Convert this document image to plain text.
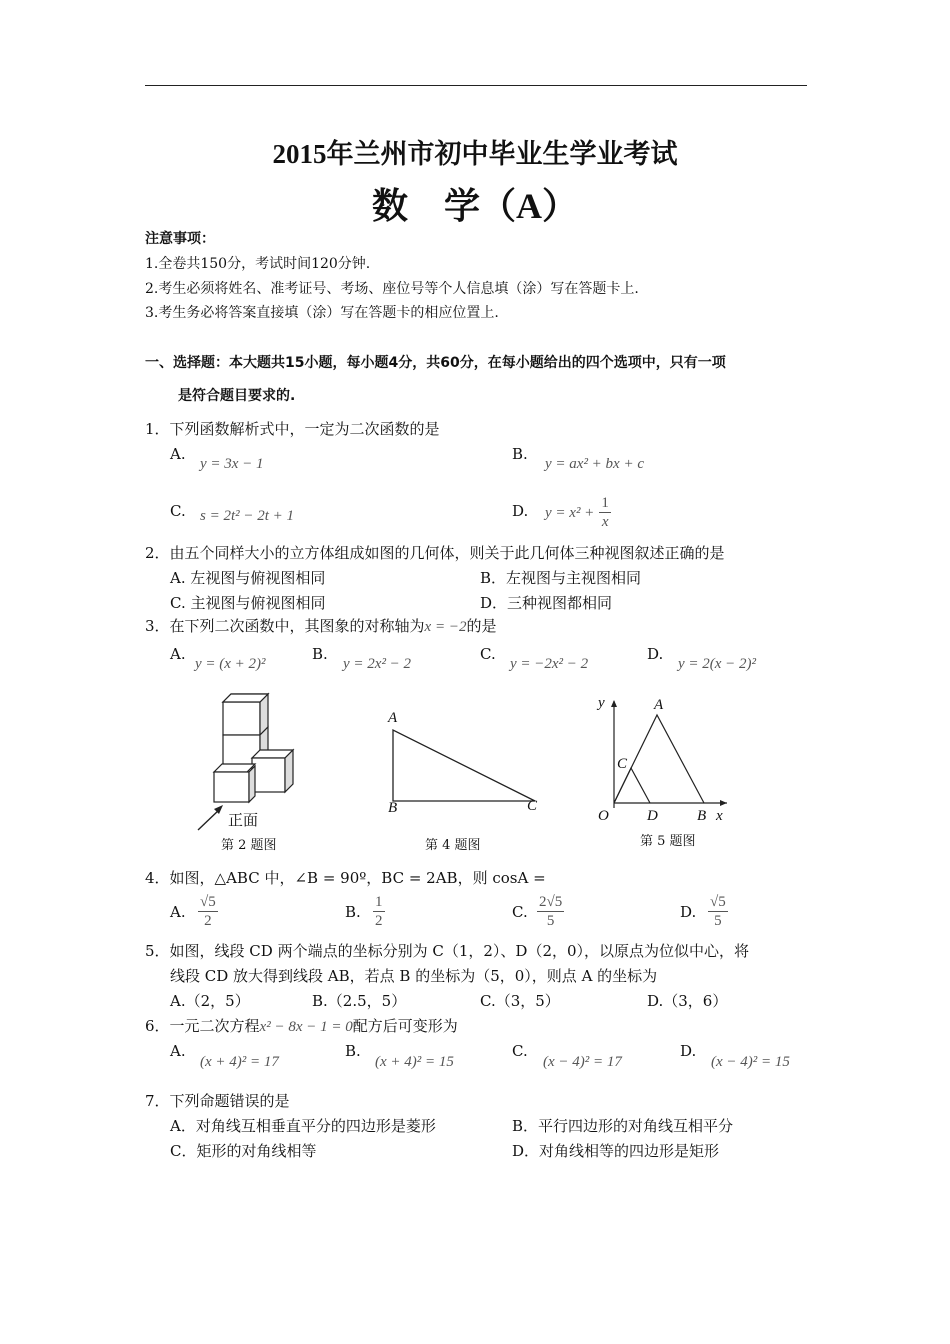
2015年兰州市初中毕业生学业考试
数　学（A）
注意事项：
1.全卷共150分，考试时间120分钟.
2.考生必须将姓名、准考证号、考场、座位号等个人信息填（涂）写在答题卡上.
3.考生务必将答案直接填（涂）写在答题卡的相应位置上.
一、选择题：本大题共15小题，每小题4分，共60分，在每小题给出的四个选项中，只有一项
是符合题目要求的.
1．下列函数解析式中，一定为二次函数的是
A.
y = 3x − 1
B.
y = ax² + bx + c
C. s = 2t² − 2t + 1	D. $y = x^2 + \frac{1}{x}$
2．由五个同样大小的立方体组成如图的几何体，则关于此几何体三种视图叙述正确的是
A. 左视图与俯视图相同	B．左视图与主视图相同
C. 主视图与俯视图相同	D．三种视图都相同
3．在下列二次函数中，其图象的对称轴为x = −2的是
A.
y = (x + 2)²
B.
y = 2x² − 2
C.
y = −2x² − 2
D.
y = 2(x − 2)²
正面
第 2 题图
A
B	C
第 4 题图
y	A
C
O	D	B x
第 5 题图
4．如图，△ABC 中，∠B = 90º，BC = 2AB，则 cosA =
A. $\frac{√5}{2}$	B. $\frac{1}{2}$	C. $\frac{2√5}{5}$	D. $\frac{√5}{5}$
5．如图，线段 CD 两个端点的坐标分别为 C（1，2）、D（2，0），以原点为位似中心，将
线段 CD 放大得到线段 AB，若点 B 的坐标为（5，0），则点 A 的坐标为
A.（2，5）	B.（2.5，5）	C.（3，5）	D.（3，6）
6．一元二次方程x² − 8x − 1 = 0配方后可变形为
A.
(x + 4)² = 17
B.
(x + 4)² = 15
C.
(x − 4)² = 17
D.
(x − 4)² = 15
7．下列命题错误的是
A．对角线互相垂直平分的四边形是菱形	B．平行四边形的对角线互相平分
C．矩形的对角线相等	D．对角线相等的四边形是矩形
